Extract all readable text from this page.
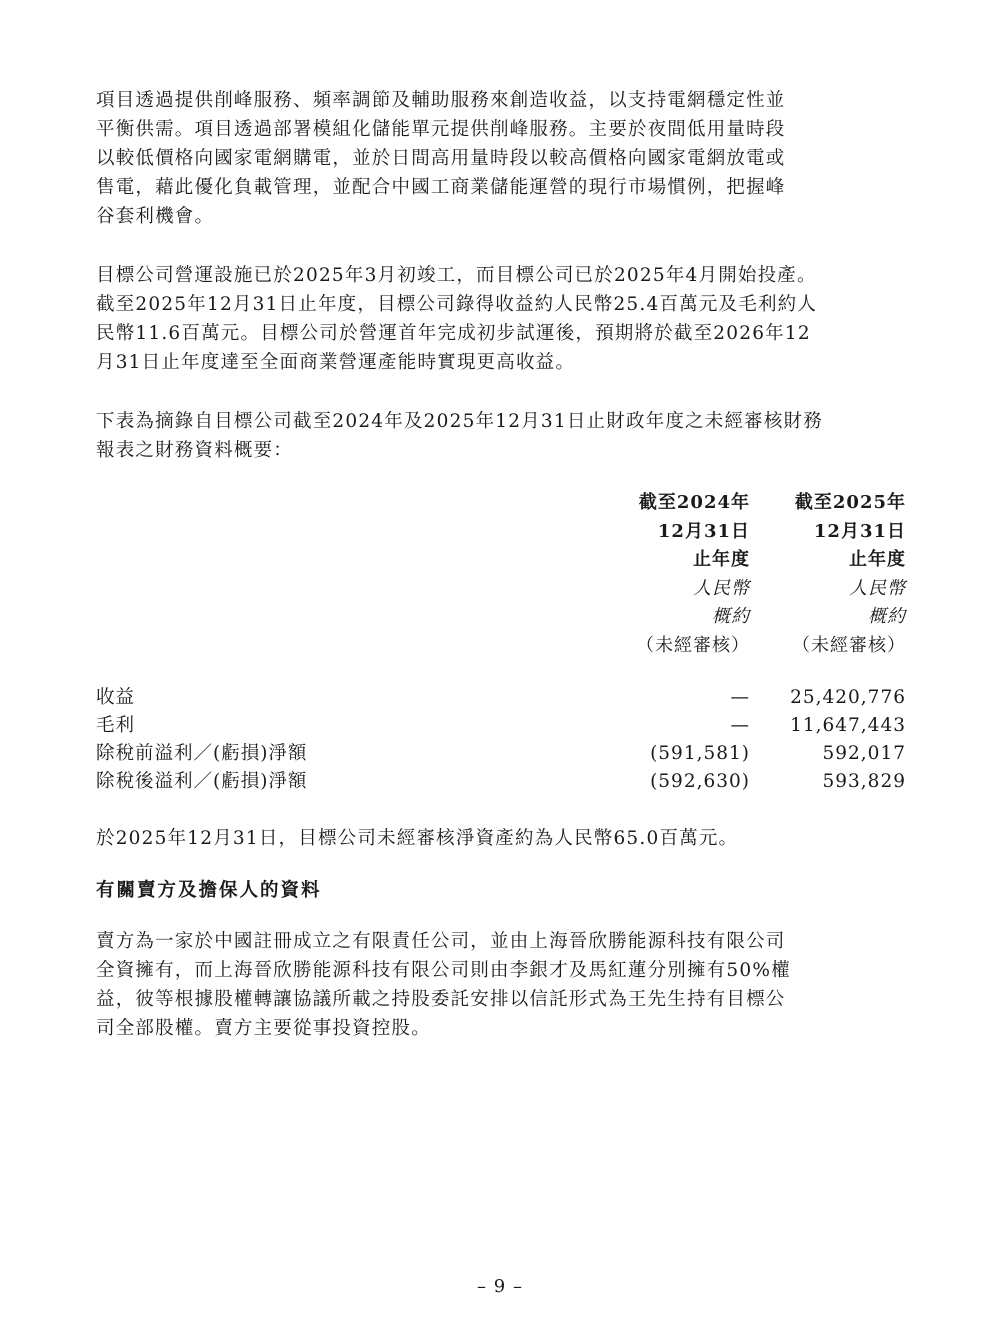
項目透過提供削峰服務、頻率調節及輔助服務來創造收益，以支持電網穩定性並
平衡供需。項目透過部署模組化儲能單元提供削峰服務。主要於夜間低用量時段
以較低價格向國家電網購電，並於日間高用量時段以較高價格向國家電網放電或
售電，藉此優化負載管理，並配合中國工商業儲能運營的現行市場慣例，把握峰
谷套利機會。

目標公司營運設施已於2025年3月初竣工，而目標公司已於2025年4月開始投產。
截至2025年12月31日止年度，目標公司錄得收益約人民幣25.4百萬元及毛利約人
民幣11.6百萬元。目標公司於營運首年完成初步試運後，預期將於截至2026年12
月31日止年度達至全面商業營運產能時實現更高收益。

下表為摘錄自目標公司截至2024年及2025年12月31日止財政年度之未經審核財務
報表之財務資料概要：

截至2024年
12月31日
止年度
人民幣
概約
（未經審核）
截至2025年
12月31日
止年度
人民幣
概約
（未經審核）
收益	—	25,420,776
毛利	—	11,647,443
除稅前溢利／(虧損)淨額	(591,581)	592,017
除稅後溢利／(虧損)淨額	(592,630)	593,829

於2025年12月31日，目標公司未經審核淨資產約為人民幣65.0百萬元。

有關賣方及擔保人的資料

賣方為一家於中國註冊成立之有限責任公司，並由上海晉欣勝能源科技有限公司
全資擁有，而上海晉欣勝能源科技有限公司則由李銀才及馬紅蓮分別擁有50%權
益，彼等根據股權轉讓協議所載之持股委託安排以信託形式為王先生持有目標公
司全部股權。賣方主要從事投資控股。

– 9 –
